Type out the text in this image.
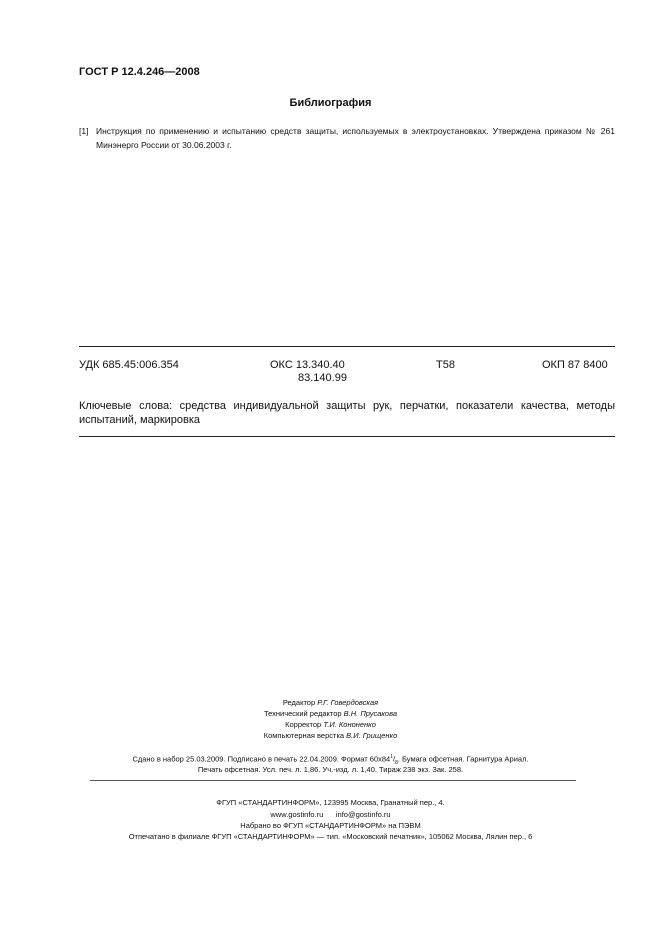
ГОСТ Р 12.4.246—2008
Библиография
[1] Инструкция по применению и испытанию средств защиты, используемых в электроустановках. Утверждена приказом № 261 Минэнерго России от 30.06.2003 г.
УДК 685.45:006.354	ОКС 13.340.40
83.140.99
Т58	ОКП 87 8400
Ключевые слова: средства индивидуальной защиты рук, перчатки, показатели качества, методы испытаний, маркировка
Редактор Р.Г. Говердовская
Технический редактор В.Н. Прусакова
Корректор Т.И. Кононенко
Компьютерная верстка В.И. Грищенко
Сдано в набор 25.03.2009. Подписано в печать 22.04.2009. Формат $60х84^1/_8$. Бумага офсетная. Гарнитура Ариал.
Печать офсетная. Усл. печ. л. 1,86. Уч.-изд. л. 1,40. Тираж 238 экз. Зак. 258.
ФГУП «СТАНДАРТИНФОРМ», 123995 Москва, Гранатный пер., 4.
www.gostinfo.ru info@gostinfo.ru
Набрано во ФГУП «СТАНДАРТИНФОРМ» на ПЭВМ
Отпечатано в филиале ФГУП «СТАНДАРТИНФОРМ» — тип. «Московский печатник», 105062 Москва, Лялин пер., 6
